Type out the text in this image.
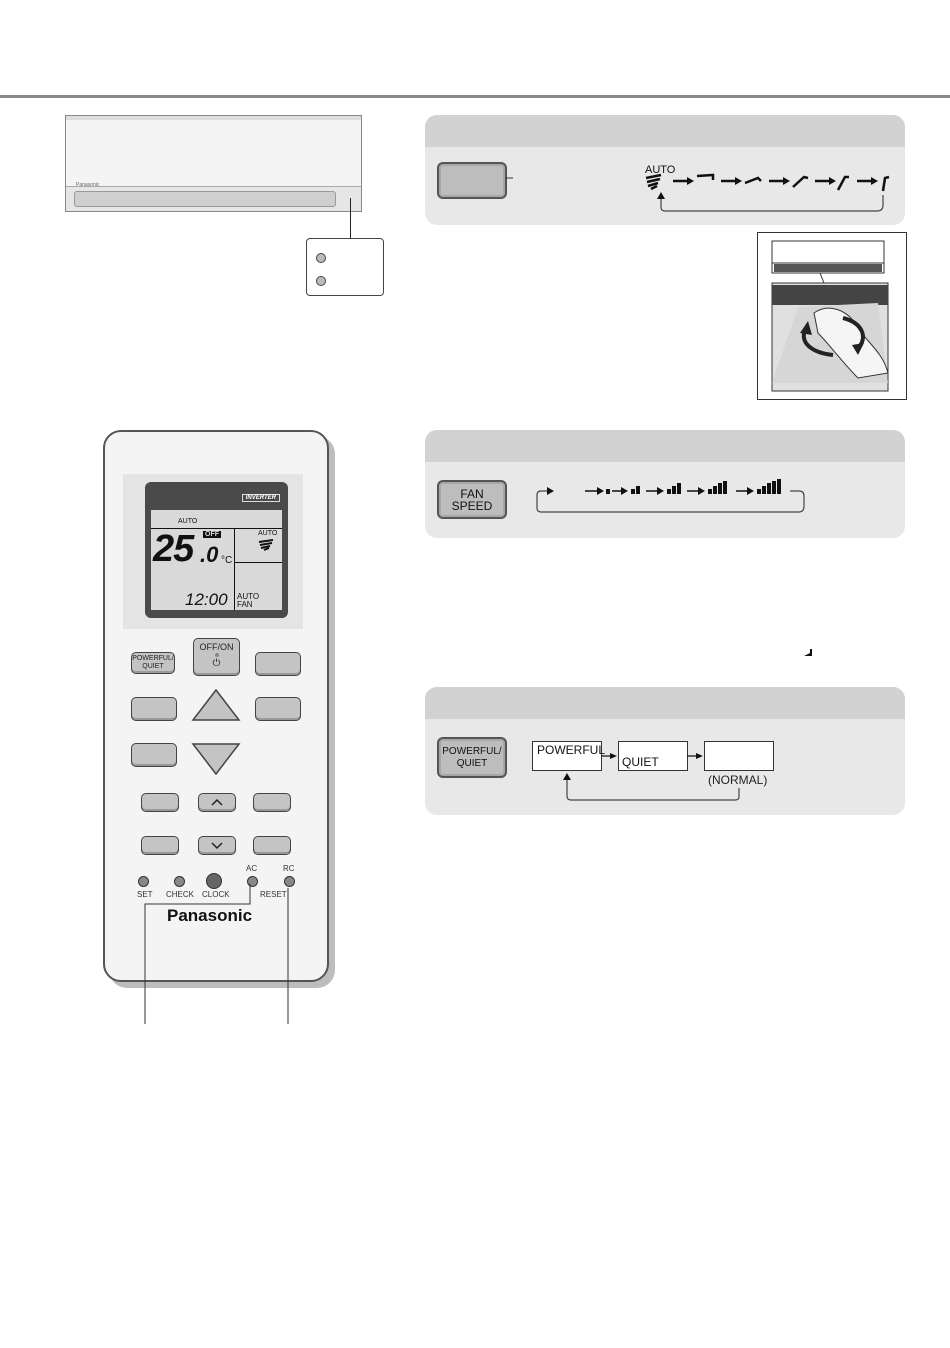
Panasonic
AUTO
FAN SPEED
POWERFUL/
QUIET
POWERFUL
QUIET
(NORMAL)
INVERTER
AUTO
OFF
25 .0 °C
AUTO
12:00 AUTO
FAN
POWERFUL/
QUIET
OFF/ON
⏻
AC	RC
SET CHECK CLOCK	RESET
Panasonic
